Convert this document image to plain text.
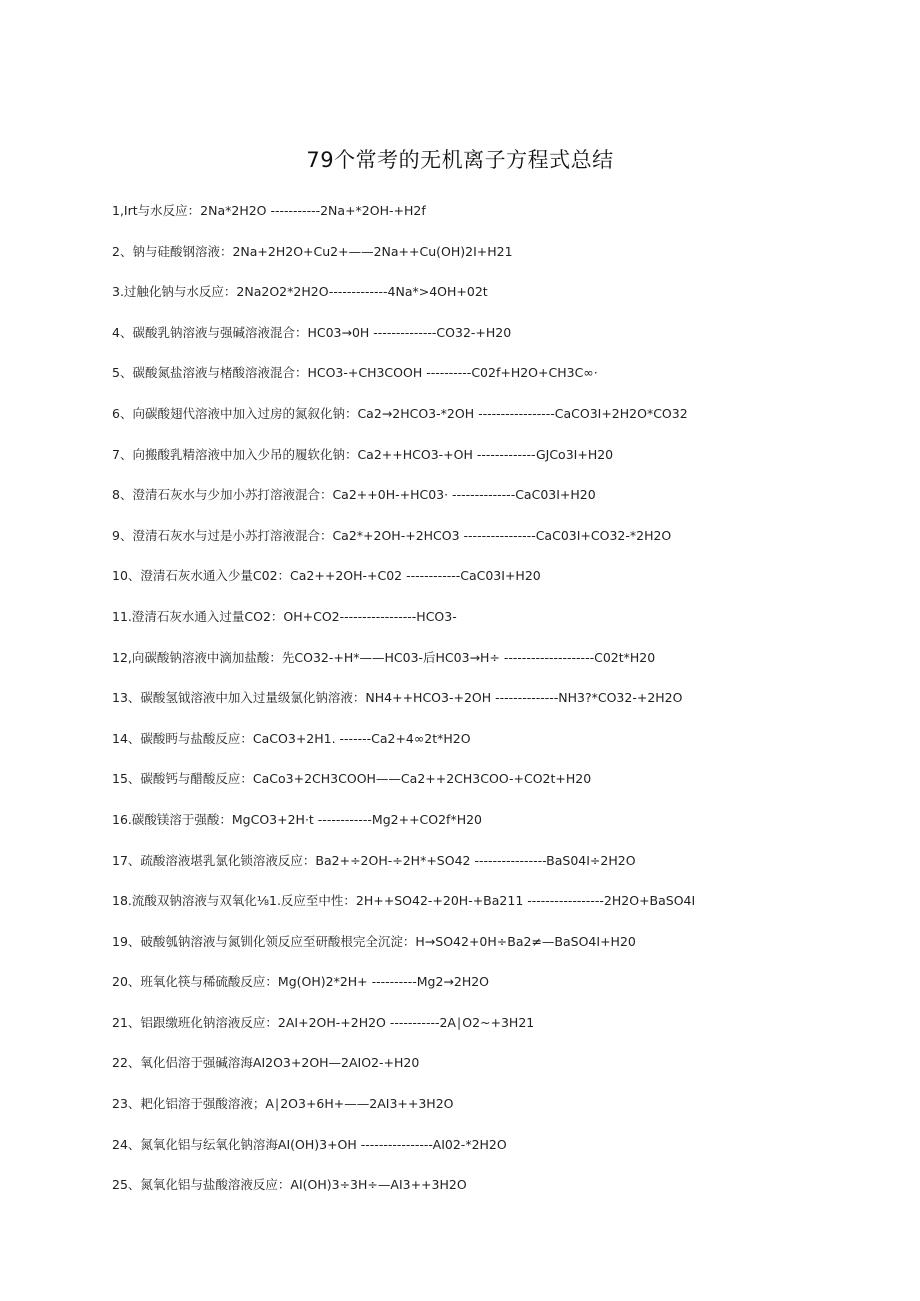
79个常考的无机离子方程式总结
1,Irt与水反应：2Na*2H2O -----------2Na+*2OH-+H2f
2、钠与硅酸钢溶液：2Na+2H2O+Cu2+——2Na++Cu(OH)2I+H21
3.过触化钠与水反应：2Na2O2*2H2O-------------4Na*>4OH+02t
4、碳酸乳钠溶液与强碱溶液混合：HC03→0H --------------CO32-+H20
5、碳酸氮盐溶液与楮酸溶液混合：HCO3-+CH3COOH ----------C02f+H2O+CH3C∞·
6、向碳酸翅代溶液中加入过房的氮叙化钠：Ca2→2HCO3-*2OH -----------------CaCO3I+2H2O*CO32
7、向搬酸乳精溶液中加入少吊的履软化钠：Ca2++HCO3-+OH -------------GJCo3I+H20
8、澄清石灰水与少加小苏打溶液混合：Ca2++0H-+HC03· --------------CaC03I+H20
9、澄清石灰水与过是小苏打溶液混合：Ca2*+2OH-+2HCO3 ----------------CaC03I+CO32-*2H2O
10、澄清石灰水通入少量C02：Ca2++2OH-+C02 ------------CaC03I+H20
11.澄清石灰水通入过量CO2：OH+CO2-----------------HCO3-
12,向碳酸钠溶液中滴加盐酸：先CO32-+H*——HC03-后HC03→H÷ --------------------C02t*H20
13、碳酸氢钺溶液中加入过量级氯化钠溶液：NH4++HCO3-+2OH --------------NH3?*CO32-+2H2O
14、碳酸眄与盐酸反应：CaCO3+2H1. -------Ca2+4∞2t*H2O
15、碳酸钙与醋酸反应：CaCo3+2CH3COOH——Ca2++2CH3COO-+CO2t+H20
16.碳酸镁溶于强酸：MgCO3+2H·t ------------Mg2++CO2f*H20
17、疏酸溶液堪乳氯化锁溶液反应：Ba2+÷2OH-÷2H*+SO42 ----------------BaS04I÷2H2O
18.流酸双钠溶液与双氧化⅛1.反应至中性：2H++SO42-+20H-+Ba211 -----------------2H2O+BaSO4I
19、破酸瓠钠溶液与氮钏化领反应至研酸根完全沉淀：H→SO42+0H÷Ba2≠—BaSO4I+H20
20、班氧化筷与稀硫酸反应：Mg(OH)2*2H+ ----------Mg2→2H2O
21、铝跟缴班化钠溶液反应：2AI+2OH-+2H2O -----------2A∣O2~+3H21
22、氧化侣溶于强碱溶海AI2O3+2OH—2AIO2-+H20
23、耙化铝溶于强酸溶液；A∣2O3+6H+——2AI3++3H2O
24、氮氧化铝与纭氧化钠溶海AI(OH)3+OH ----------------AI02-*2H2O
25、氮氧化铝与盐酸溶液反应：AI(OH)3÷3H÷—AI3++3H2O
